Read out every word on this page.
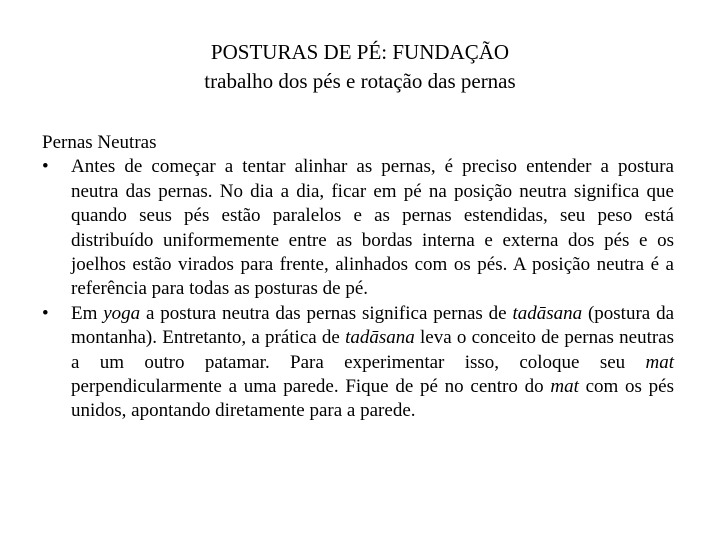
POSTURAS DE PÉ: FUNDAÇÃO
trabalho dos pés e rotação das pernas
Pernas Neutras
•	Antes de começar a tentar alinhar as pernas, é preciso entender a postura neutra das pernas. No dia a dia, ficar em pé na posição neutra significa que quando seus pés estão paralelos e as pernas estendidas, seu peso está distribuído uniformemente entre as bordas interna e externa dos pés e os joelhos estão virados para frente, alinhados com os pés. A posição neutra é a referência para todas as posturas de pé.
•	Em yoga a postura neutra das pernas significa pernas de tadāsana (postura da montanha). Entretanto, a prática de tadāsana leva o conceito de pernas neutras a um outro patamar. Para experimentar isso, coloque seu mat perpendicularmente a uma parede. Fique de pé no centro do mat com os pés unidos, apontando diretamente para a parede.
